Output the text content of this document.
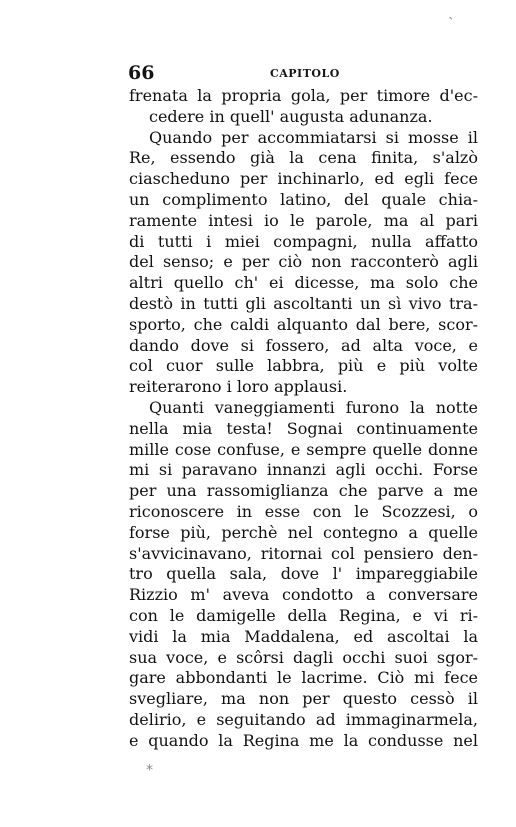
66	CAPITOLO
frenata la propria gola, per timore d'ec-
cedere in quell' augusta adunanza.
Quando per accommiatarsi si mosse il
Re, essendo già la cena finita, s'alzò
ciascheduno per inchinarlo, ed egli fece
un complimento latino, del quale chia-
ramente intesi io le parole, ma al pari
di tutti i miei compagni, nulla affatto
del senso; e per ciò non racconterò agli
altri quello ch' ei dicesse, ma solo che
destò in tutti gli ascoltanti un sì vivo tra-
sporto, che caldi alquanto dal bere, scor-
dando dove si fossero, ad alta voce, e
col cuor sulle labbra, più e più volte
reiterarono i loro applausi.
Quanti vaneggiamenti furono la notte
nella mia testa! Sognai continuamente
mille cose confuse, e sempre quelle donne
mi si paravano innanzi agli occhi. Forse
per una rassomiglianza che parve a me
riconoscere in esse con le Scozzesi, o
forse più, perchè nel contegno a quelle
s'avvicinavano, ritornai col pensiero den-
tro quella sala, dove l' impareggiabile
Rizzio m' aveva condotto a conversare
con le damigelle della Regina, e vi ri-
vidi la mia Maddalena, ed ascoltai la
sua voce, e scôrsi dagli occhi suoi sgor-
gare abbondanti le lacrime. Ciò mi fece
svegliare, ma non per questo cessò il
delirio, e seguitando ad immaginarmela,
e quando la Regina me la condusse nel
ˎ
⁎
